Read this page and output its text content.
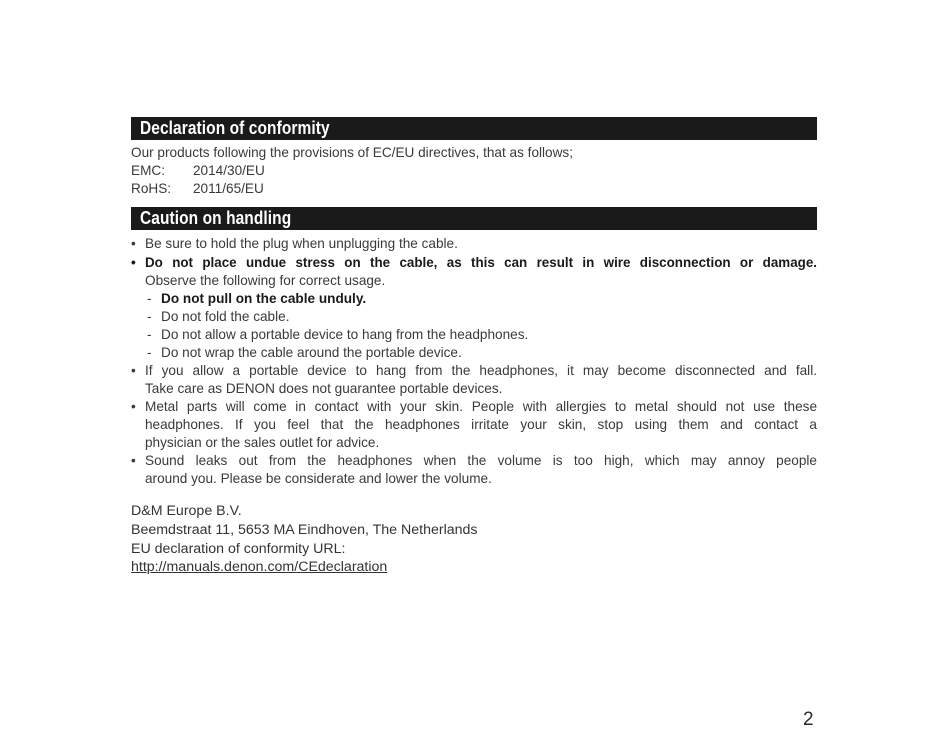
Declaration of conformity
Our products following the provisions of EC/EU directives, that as follows;
EMC: 2014/30/EU
RoHS: 2011/65/EU
Caution on handling
• Be sure to hold the plug when unplugging the cable.
• Do not place undue stress on the cable, as this can result in wire disconnection or damage.
Observe the following for correct usage.
- Do not pull on the cable unduly.
- Do not fold the cable.
- Do not allow a portable device to hang from the headphones.
- Do not wrap the cable around the portable device.
• If you allow a portable device to hang from the headphones, it may become disconnected and fall.
Take care as DENON does not guarantee portable devices.
• Metal parts will come in contact with your skin. People with allergies to metal should not use these
headphones. If you feel that the headphones irritate your skin, stop using them and contact a
physician or the sales outlet for advice.
• Sound leaks out from the headphones when the volume is too high, which may annoy people
around you. Please be considerate and lower the volume.
D&M Europe B.V.
Beemdstraat 11, 5653 MA Eindhoven, The Netherlands
EU declaration of conformity URL:
http://manuals.denon.com/CEdeclaration
2
